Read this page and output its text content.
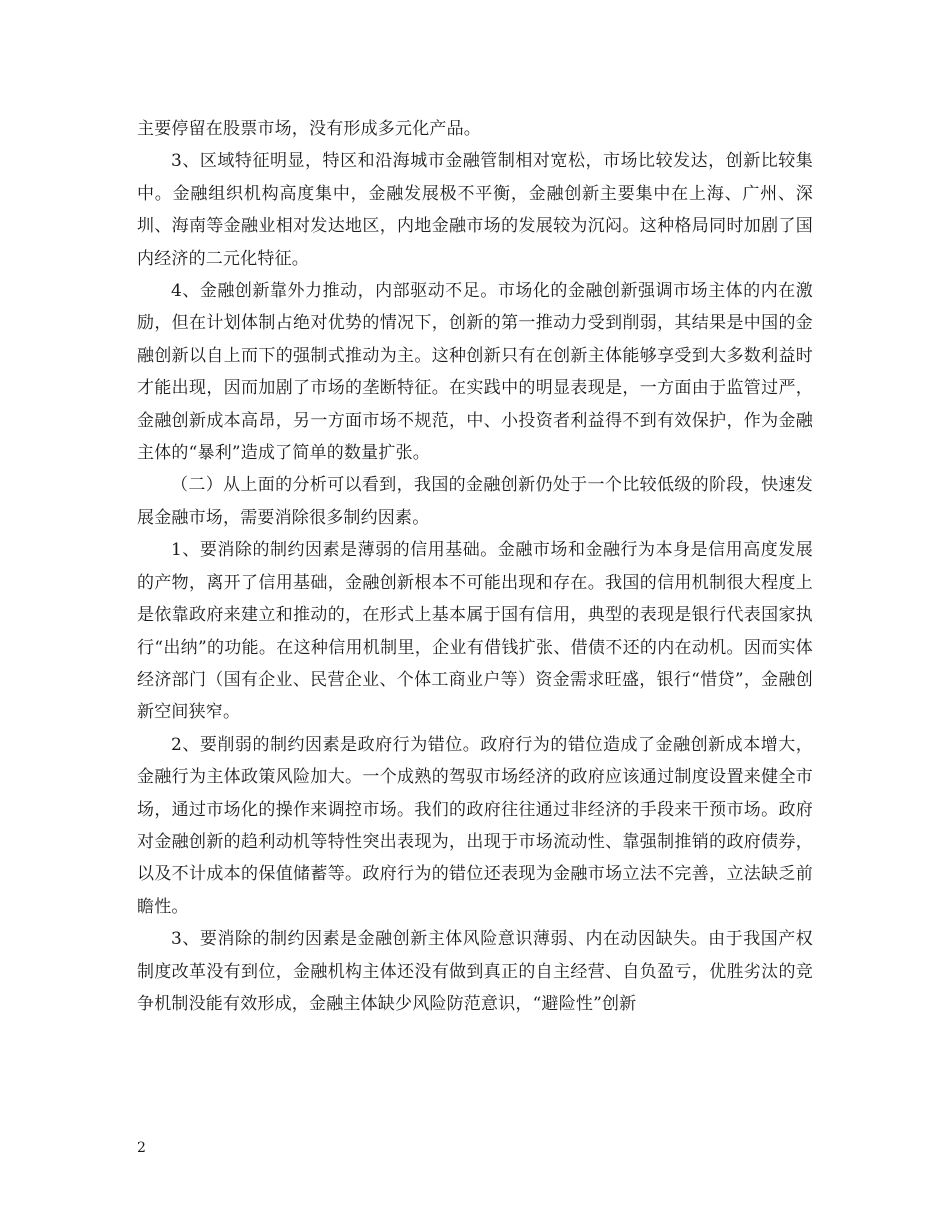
主要停留在股票市场，没有形成多元化产品。

3、区域特征明显，特区和沿海城市金融管制相对宽松，市场比较发达，创新比较集中。金融组织机构高度集中，金融发展极不平衡，金融创新主要集中在上海、广州、深圳、海南等金融业相对发达地区，内地金融市场的发展较为沉闷。这种格局同时加剧了国内经济的二元化特征。

4、金融创新靠外力推动，内部驱动不足。市场化的金融创新强调市场主体的内在激励，但在计划体制占绝对优势的情况下，创新的第一推动力受到削弱，其结果是中国的金融创新以自上而下的强制式推动为主。这种创新只有在创新主体能够享受到大多数利益时才能出现，因而加剧了市场的垄断特征。在实践中的明显表现是，一方面由于监管过严，金融创新成本高昂，另一方面市场不规范，中、小投资者利益得不到有效保护，作为金融主体的“暴利”造成了简单的数量扩张。

（二）从上面的分析可以看到，我国的金融创新仍处于一个比较低级的阶段，快速发展金融市场，需要消除很多制约因素。

1、要消除的制约因素是薄弱的信用基础。金融市场和金融行为本身是信用高度发展的产物，离开了信用基础，金融创新根本不可能出现和存在。我国的信用机制很大程度上是依靠政府来建立和推动的，在形式上基本属于国有信用，典型的表现是银行代表国家执行“出纳”的功能。在这种信用机制里，企业有借钱扩张、借债不还的内在动机。因而实体经济部门（国有企业、民营企业、个体工商业户等）资金需求旺盛，银行“惜贷”，金融创新空间狭窄。

2、要削弱的制约因素是政府行为错位。政府行为的错位造成了金融创新成本增大，金融行为主体政策风险加大。一个成熟的驾驭市场经济的政府应该通过制度设置来健全市场，通过市场化的操作来调控市场。我们的政府往往通过非经济的手段来干预市场。政府对金融创新的趋利动机等特性突出表现为，出现于市场流动性、靠强制推销的政府债券，以及不计成本的保值储蓄等。政府行为的错位还表现为金融市场立法不完善，立法缺乏前瞻性。

3、要消除的制约因素是金融创新主体风险意识薄弱、内在动因缺失。由于我国产权制度改革没有到位，金融机构主体还没有做到真正的自主经营、自负盈亏，优胜劣汰的竞争机制没能有效形成，金融主体缺少风险防范意识，“避险性”创新

2
